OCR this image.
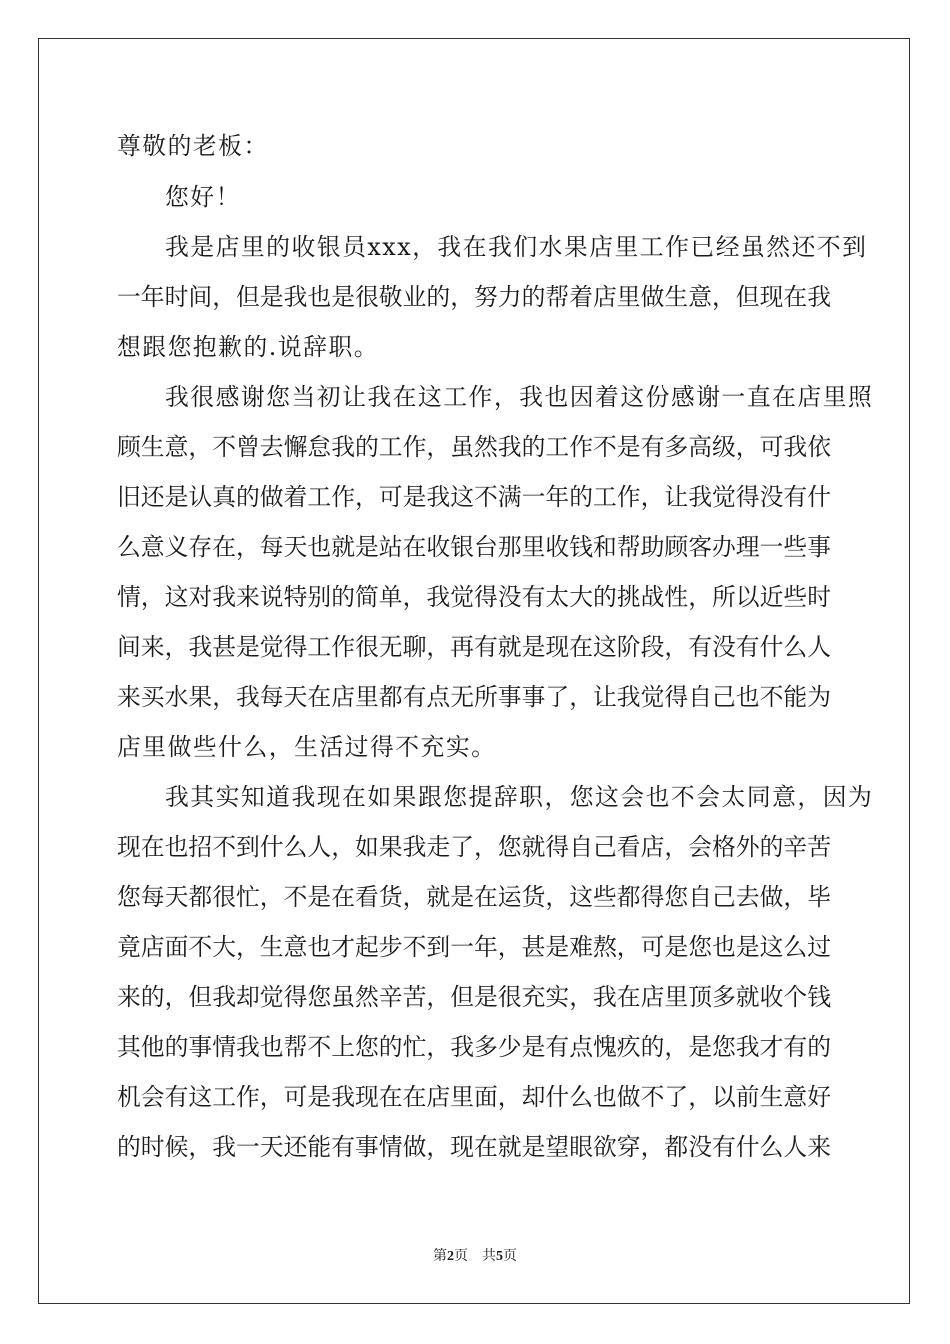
尊敬的老板：
您好！
我是店里的收银员xxx，我在我们水果店里工作已经虽然还不到
一年时间，但是我也是很敬业的，努力的帮着店里做生意，但现在我
想跟您抱歉的.说辞职。
我很感谢您当初让我在这工作，我也因着这份感谢一直在店里照
顾生意，不曾去懈怠我的工作，虽然我的工作不是有多高级，可我依
旧还是认真的做着工作，可是我这不满一年的工作，让我觉得没有什
么意义存在，每天也就是站在收银台那里收钱和帮助顾客办理一些事
情，这对我来说特别的简单，我觉得没有太大的挑战性，所以近些时
间来，我甚是觉得工作很无聊，再有就是现在这阶段，有没有什么人
来买水果，我每天在店里都有点无所事事了，让我觉得自己也不能为
店里做些什么，生活过得不充实。
我其实知道我现在如果跟您提辞职，您这会也不会太同意，因为
现在也招不到什么人，如果我走了，您就得自己看店，会格外的辛苦
您每天都很忙，不是在看货，就是在运货，这些都得您自己去做，毕
竟店面不大，生意也才起步不到一年，甚是难熬，可是您也是这么过
来的，但我却觉得您虽然辛苦，但是很充实，我在店里顶多就收个钱
其他的事情我也帮不上您的忙，我多少是有点愧疚的，是您我才有的
机会有这工作，可是我现在在店里面，却什么也做不了，以前生意好
的时候，我一天还能有事情做，现在就是望眼欲穿，都没有什么人来
第2页 共5页
